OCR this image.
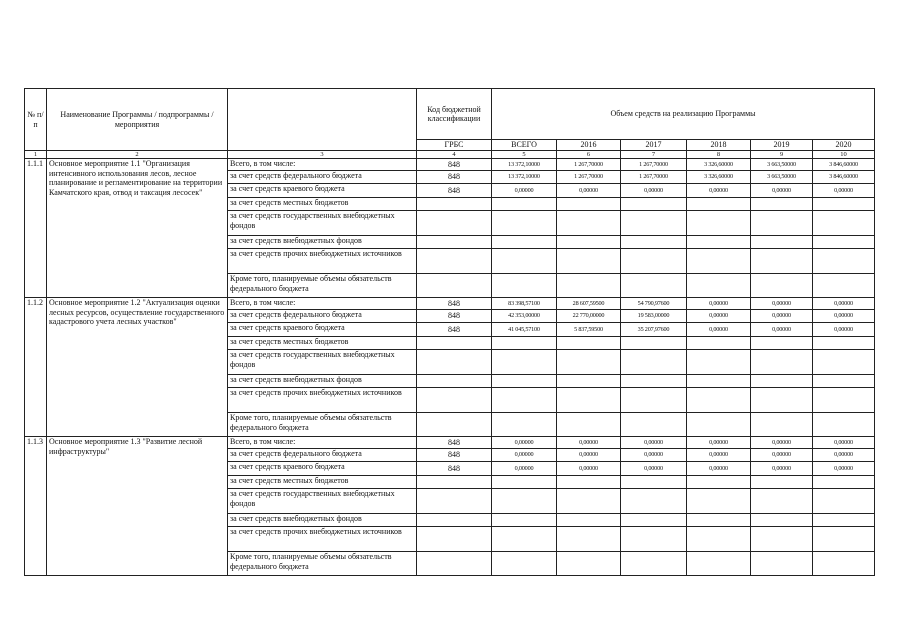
№ п/п	Наименование Программы / подпрограммы / мероприятия		Код бюджетной классификации	Объем средств на реализацию Программы					
			ГРБС	ВСЕГО	2016	2017	2018	2019	2020
1	2	3	4	5	6	7	8	9	10
1.1.1	Основное мероприятие 1.1 "Организация интенсивного использования лесов, лесное планирование и регламентирование на территории Камчатского края, отвод и таксация лесосек"	Всего, в том числе:	848	13 372,10000	1 267,70000	1 267,70000	3 326,60000	3 663,50000	3 846,60000
		за счет средств федерального бюджета	848	13 372,10000	1 267,70000	1 267,70000	3 326,60000	3 663,50000	3 846,60000
		за счет средств краевого бюджета	848	0,00000	0,00000	0,00000	0,00000	0,00000	0,00000
		за счет средств местных бюджетов							
		за счет средств государственных внебюджетных фондов							
		за счет средств внебюджетных фондов							
		за счет средств прочих внебюджетных источников							
		Кроме того, планируемые объемы обязательств федерального бюджета							
1.1.2	Основное мероприятие 1.2 "Актуализация оценки лесных ресурсов, осуществление государственного кадастрового учета лесных участков"	Всего, в том числе:	848	83 398,57100	28 607,59500	54 790,97600	0,00000	0,00000	0,00000
		за счет средств федерального бюджета	848	42 353,00000	22 770,00000	19 583,00000	0,00000	0,00000	0,00000
		за счет средств краевого бюджета	848	41 045,57100	5 837,59500	35 207,97600	0,00000	0,00000	0,00000
		за счет средств местных бюджетов							
		за счет средств государственных внебюджетных фондов							
		за счет средств внебюджетных фондов							
		за счет средств прочих внебюджетных источников							
		Кроме того, планируемые объемы обязательств федерального бюджета							
1.1.3	Основное мероприятие 1.3 "Развитие лесной инфраструктуры"	Всего, в том числе:	848	0,00000	0,00000	0,00000	0,00000	0,00000	0,00000
		за счет средств федерального бюджета	848	0,00000	0,00000	0,00000	0,00000	0,00000	0,00000
		за счет средств краевого бюджета	848	0,00000	0,00000	0,00000	0,00000	0,00000	0,00000
		за счет средств местных бюджетов							
		за счет средств государственных внебюджетных фондов							
		за счет средств внебюджетных фондов							
		за счет средств прочих внебюджетных источников							
		Кроме того, планируемые объемы обязательств федерального бюджета							
